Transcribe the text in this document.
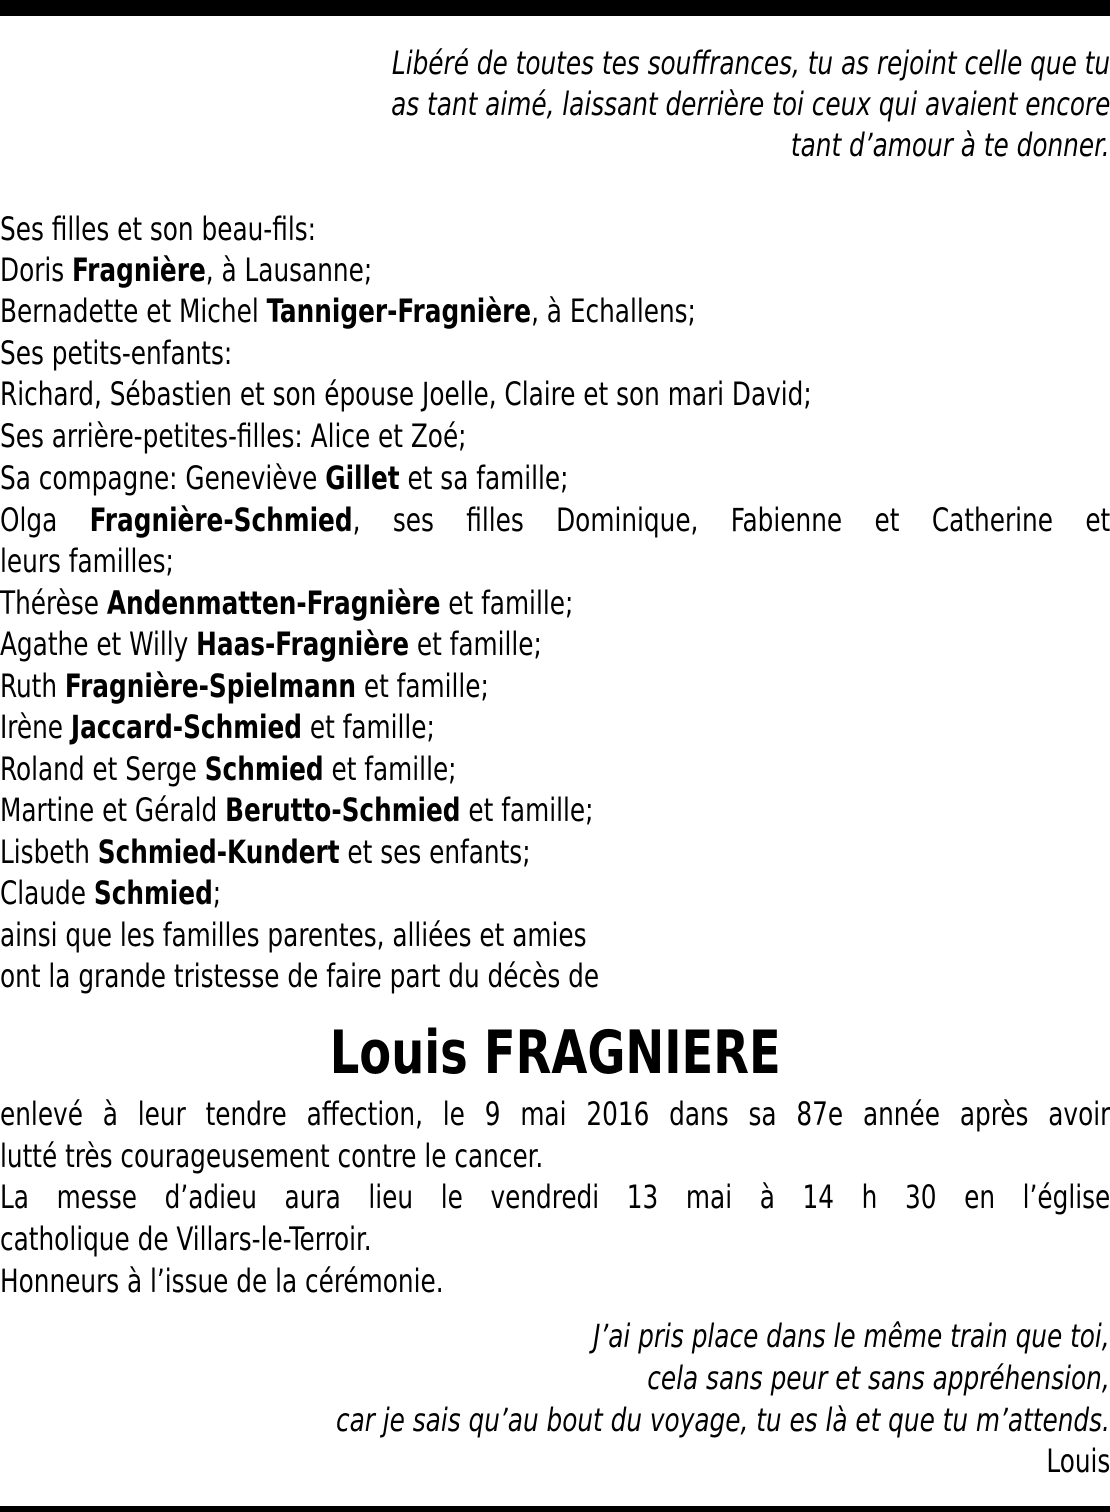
Libéré de toutes tes souffrances, tu as rejoint celle que tu
as tant aimé, laissant derrière toi ceux qui avaient encore
tant d’amour à te donner.
Ses filles et son beau-fils:
Doris Fragnière, à Lausanne;
Bernadette et Michel Tanniger-Fragnière, à Echallens;
Ses petits-enfants:
Richard, Sébastien et son épouse Joelle, Claire et son mari David;
Ses arrière-petites-filles: Alice et Zoé;
Sa compagne: Geneviève Gillet et sa famille;
Olga Fragnière-Schmied, ses filles Dominique, Fabienne et Catherine et
leurs familles;
Thérèse Andenmatten-Fragnière et famille;
Agathe et Willy Haas-Fragnière et famille;
Ruth Fragnière-Spielmann et famille;
Irène Jaccard-Schmied et famille;
Roland et Serge Schmied et famille;
Martine et Gérald Berutto-Schmied et famille;
Lisbeth Schmied-Kundert et ses enfants;
Claude Schmied;
ainsi que les familles parentes, alliées et amies
ont la grande tristesse de faire part du décès de
Louis FRAGNIERE
enlevé à leur tendre affection, le 9 mai 2016 dans sa 87e année après avoir
lutté très courageusement contre le cancer.
La messe d’adieu aura lieu le vendredi 13 mai à 14 h 30 en l’église
catholique de Villars-le-Terroir.
Honneurs à l’issue de la cérémonie.
J’ai pris place dans le même train que toi,
cela sans peur et sans appréhension,
car je sais qu’au bout du voyage, tu es là et que tu m’attends.
Louis
